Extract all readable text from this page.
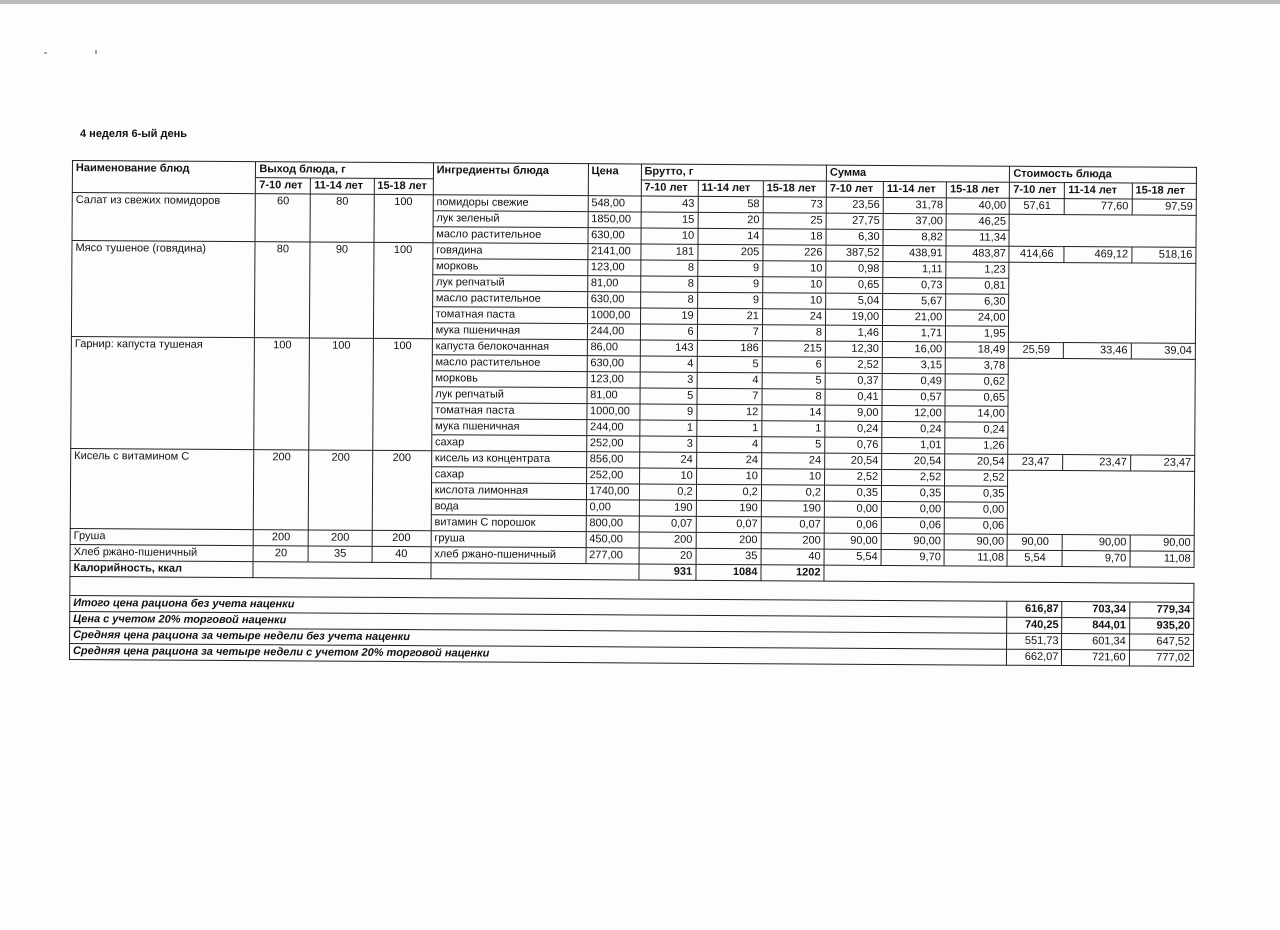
4 неделя 6-ый день
Наименование блюд	Выход блюда, г			Ингредиенты блюда	Цена	Брутто, г			Сумма			Стоимость блюда		
	7-10 лет	11-14 лет	15-18 лет			7-10 лет	11-14 лет	15-18 лет	7-10 лет	11-14 лет	15-18 лет	7-10 лет	11-14 лет	15-18 лет
Салат из свежих помидоров	60	80	100	помидоры свежие	548,00	43	58	73	23,56	31,78	40,00	57,61	77,60	97,59
				лук зеленый	1850,00	15	20	25	27,75	37,00	46,25			
				масло растительное	630,00	10	14	18	6,30	8,82	11,34			
Мясо тушеное (говядина)	80	90	100	говядина	2141,00	181	205	226	387,52	438,91	483,87	414,66	469,12	518,16
				морковь	123,00	8	9	10	0,98	1,11	1,23			
				лук репчатый	81,00	8	9	10	0,65	0,73	0,81			
				масло растительное	630,00	8	9	10	5,04	5,67	6,30			
				томатная паста	1000,00	19	21	24	19,00	21,00	24,00			
				мука пшеничная	244,00	6	7	8	1,46	1,71	1,95			
Гарнир: капуста тушеная	100	100	100	капуста белокочанная	86,00	143	186	215	12,30	16,00	18,49	25,59	33,46	39,04
				масло растительное	630,00	4	5	6	2,52	3,15	3,78			
				морковь	123,00	3	4	5	0,37	0,49	0,62			
				лук репчатый	81,00	5	7	8	0,41	0,57	0,65			
				томатная паста	1000,00	9	12	14	9,00	12,00	14,00			
				мука пшеничная	244,00	1	1	1	0,24	0,24	0,24			
				сахар	252,00	3	4	5	0,76	1,01	1,26			
Кисель с витамином С	200	200	200	кисель из концентрата	856,00	24	24	24	20,54	20,54	20,54	23,47	23,47	23,47
				сахар	252,00	10	10	10	2,52	2,52	2,52			
				кислота лимонная	1740,00	0,2	0,2	0,2	0,35	0,35	0,35			
				вода	0,00	190	190	190	0,00	0,00	0,00			
				витамин С порошок	800,00	0,07	0,07	0,07	0,06	0,06	0,06			
Груша	200	200	200	груша	450,00	200	200	200	90,00	90,00	90,00	90,00	90,00	90,00
Хлеб ржано-пшеничный	20	35	40	хлеб ржано-пшеничный	277,00	20	35	40	5,54	9,70	11,08	5,54	9,70	11,08
Калорийность, ккал						931	1084	1202						

Итого цена рациона без учета наценки												616,87	703,34	779,34
Цена с учетом 20% торговой наценки												740,25	844,01	935,20
Средняя цена рациона за четыре недели без учета наценки												551,73	601,34	647,52
Средняя цена рациона за четыре недели с учетом 20% торговой наценки												662,07	721,60	777,02
